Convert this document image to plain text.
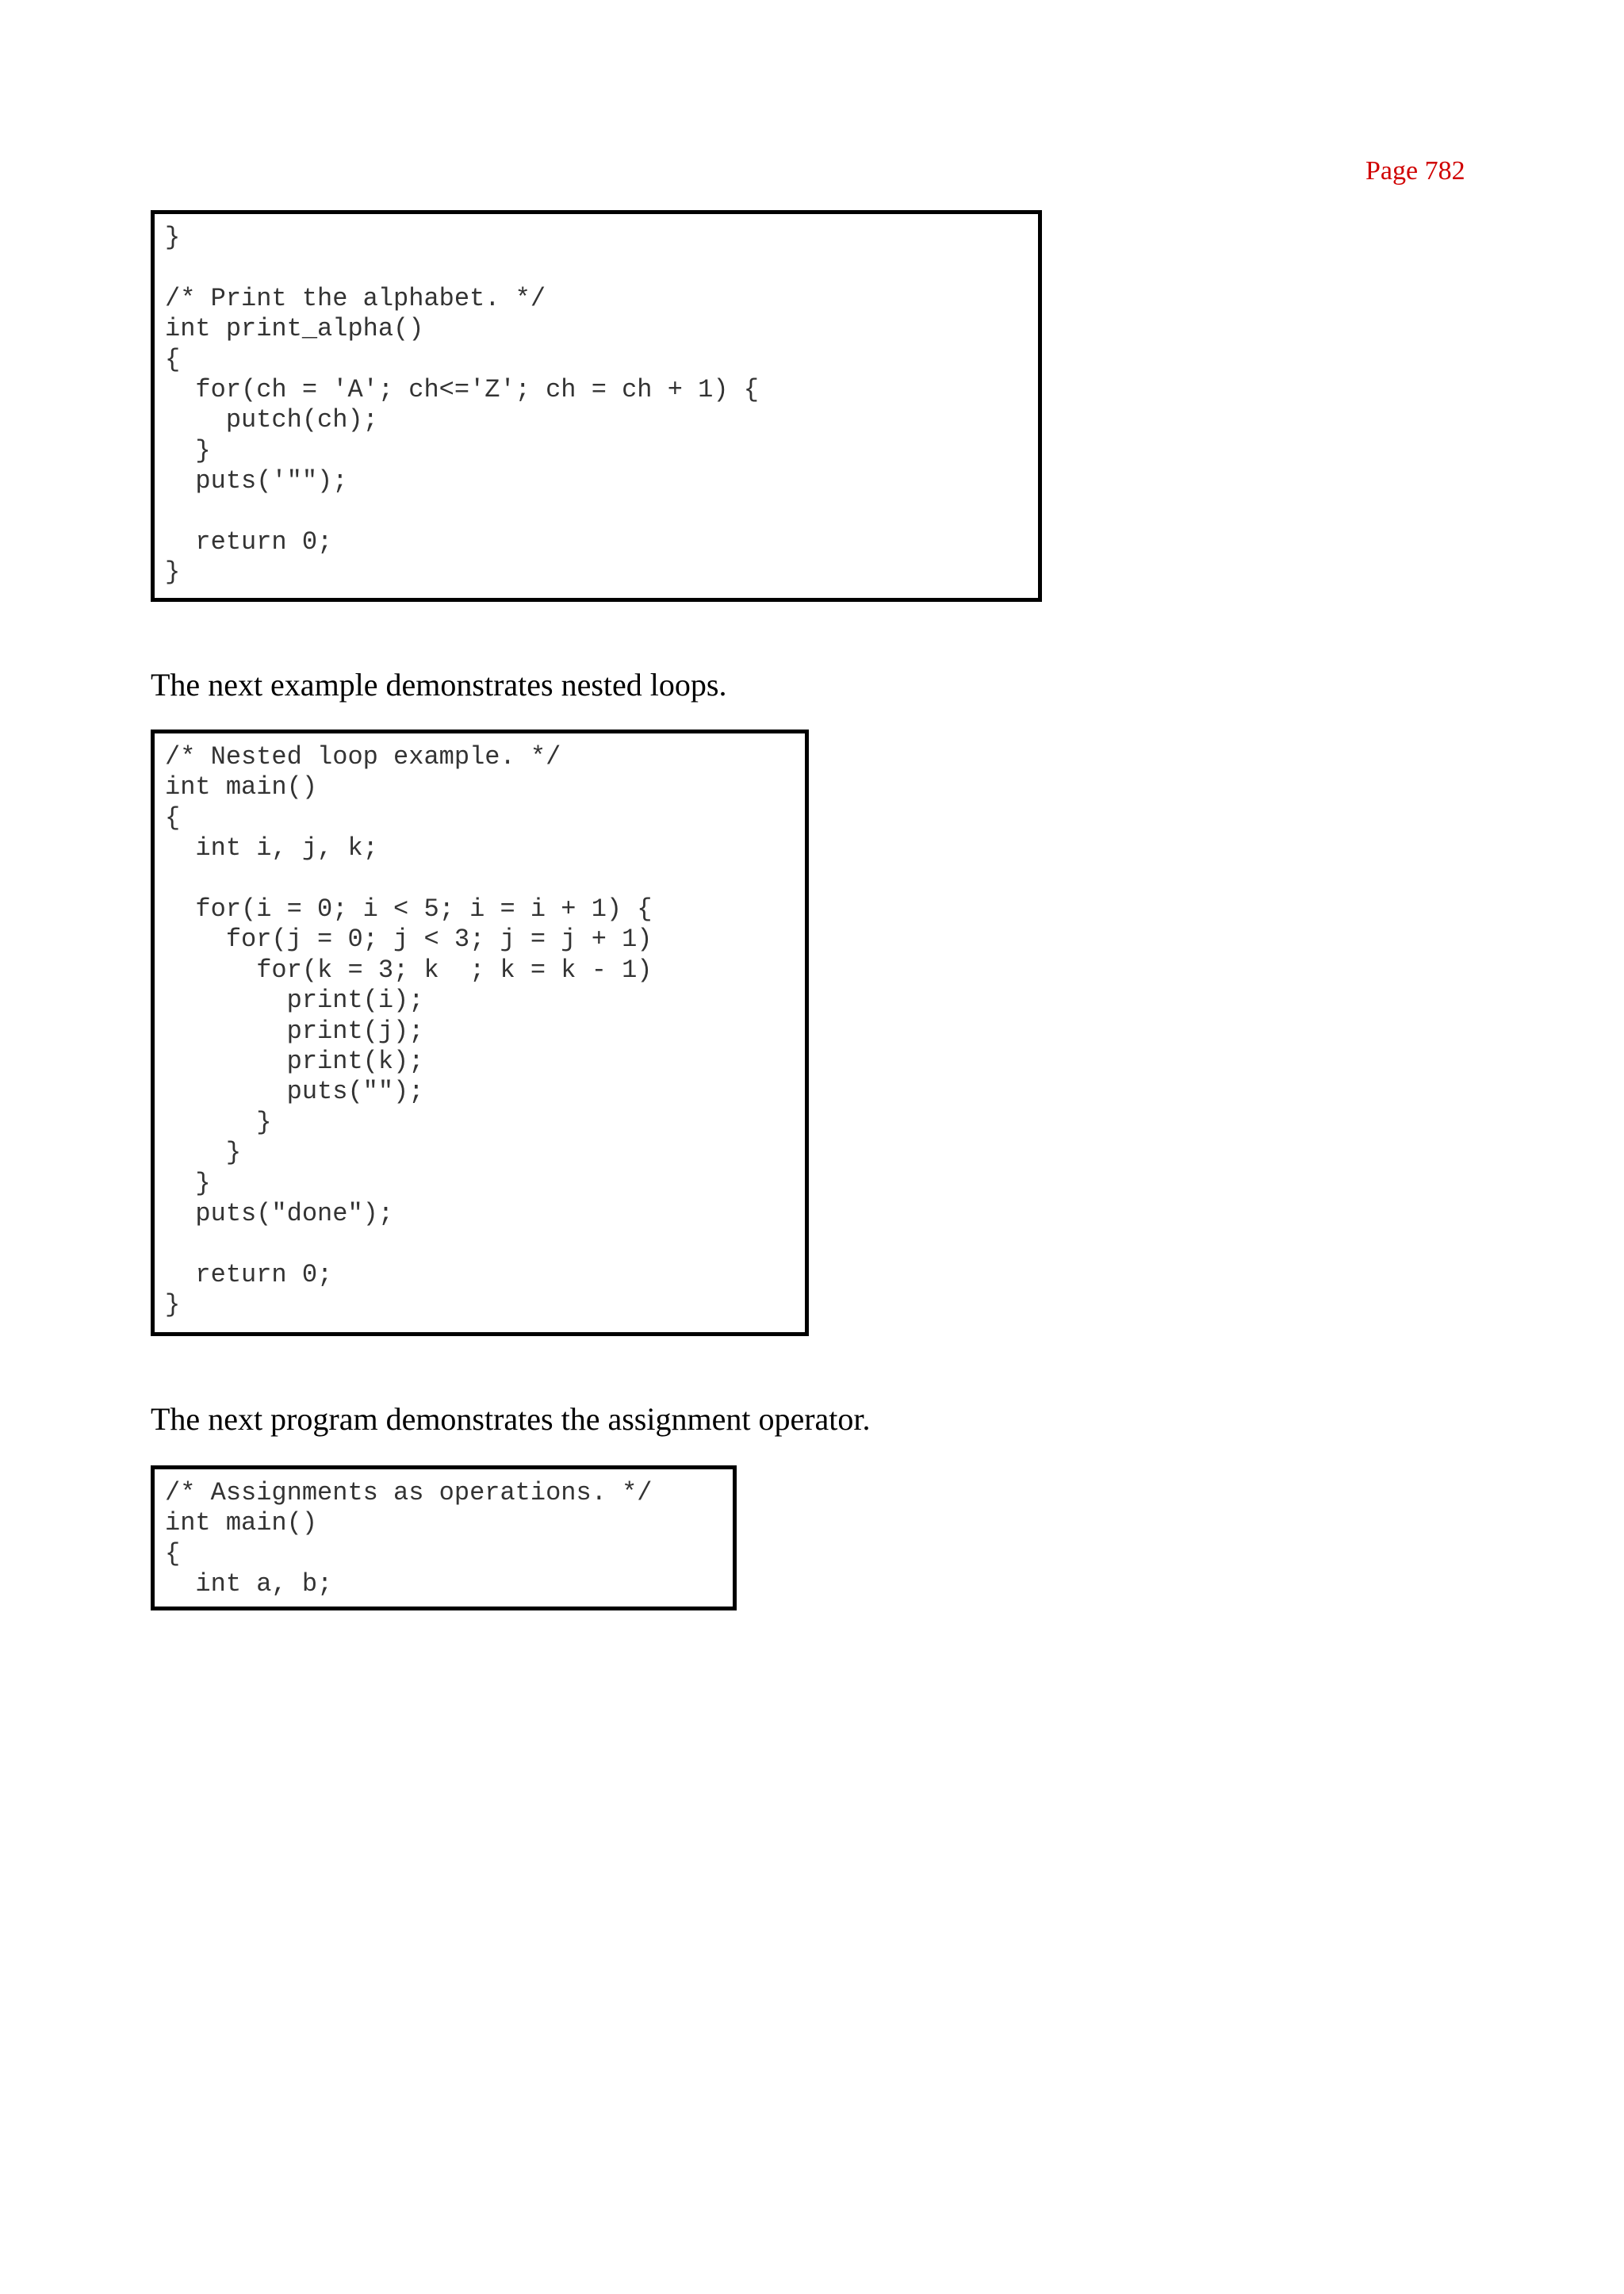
Page 782
}

/* Print the alphabet. */
int print_alpha()
{
for(ch = 'A'; ch<='Z'; ch = ch + 1) {
putch(ch);
}
puts('"");

return 0;
}
The next example demonstrates nested loops.
/* Nested loop example. */
int main()
{
int i, j, k;

for(i = 0; i < 5; i = i + 1) {
for(j = 0; j < 3; j = j + 1)
for(k = 3; k  ; k = k - 1)
print(i);
print(j);
print(k);
puts("");
}
}
}
puts("done");

return 0;
}
The next program demonstrates the assignment operator.
/* Assignments as operations. */
int main()
{
int a, b;
